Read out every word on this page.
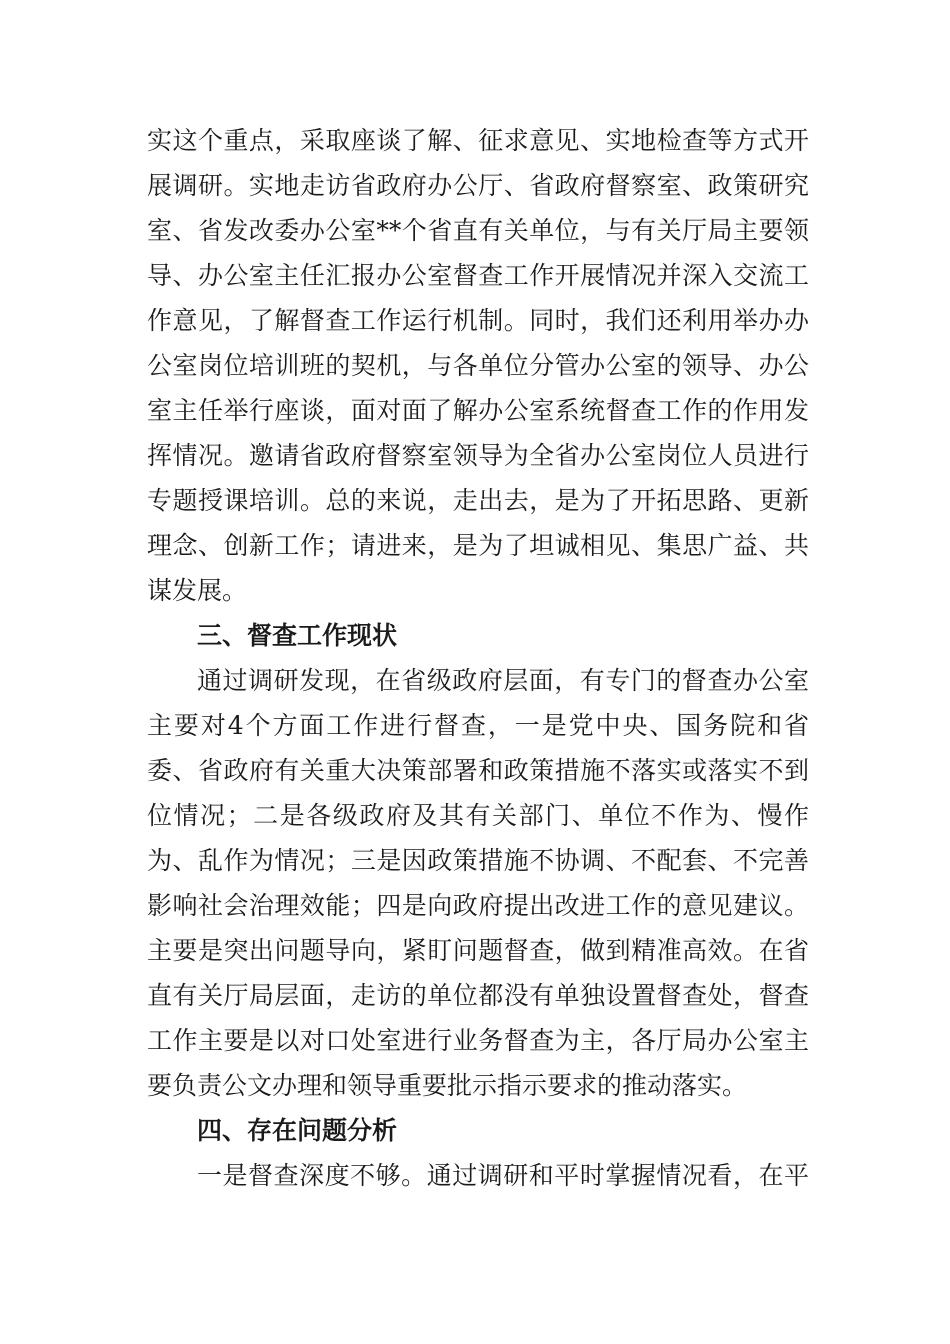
实这个重点，采取座谈了解、征求意见、实地检查等方式开展调研。实地走访省政府办公厅、省政府督察室、政策研究室、省发改委办公室**个省直有关单位，与有关厅局主要领导、办公室主任汇报办公室督查工作开展情况并深入交流工作意见，了解督查工作运行机制。同时，我们还利用举办办公室岗位培训班的契机，与各单位分管办公室的领导、办公室主任举行座谈，面对面了解办公室系统督查工作的作用发挥情况。邀请省政府督察室领导为全省办公室岗位人员进行专题授课培训。总的来说，走出去，是为了开拓思路、更新理念、创新工作；请进来，是为了坦诚相见、集思广益、共谋发展。

三、督查工作现状

通过调研发现，在省级政府层面，有专门的督查办公室主要对4个方面工作进行督查，一是党中央、国务院和省委、省政府有关重大决策部署和政策措施不落实或落实不到位情况；二是各级政府及其有关部门、单位不作为、慢作为、乱作为情况；三是因政策措施不协调、不配套、不完善影响社会治理效能；四是向政府提出改进工作的意见建议。主要是突出问题导向，紧盯问题督查，做到精准高效。在省直有关厅局层面，走访的单位都没有单独设置督查处，督查工作主要是以对口处室进行业务督查为主，各厅局办公室主要负责公文办理和领导重要批示指示要求的推动落实。

四、存在问题分析

一是督查深度不够。通过调研和平时掌握情况看，在平
